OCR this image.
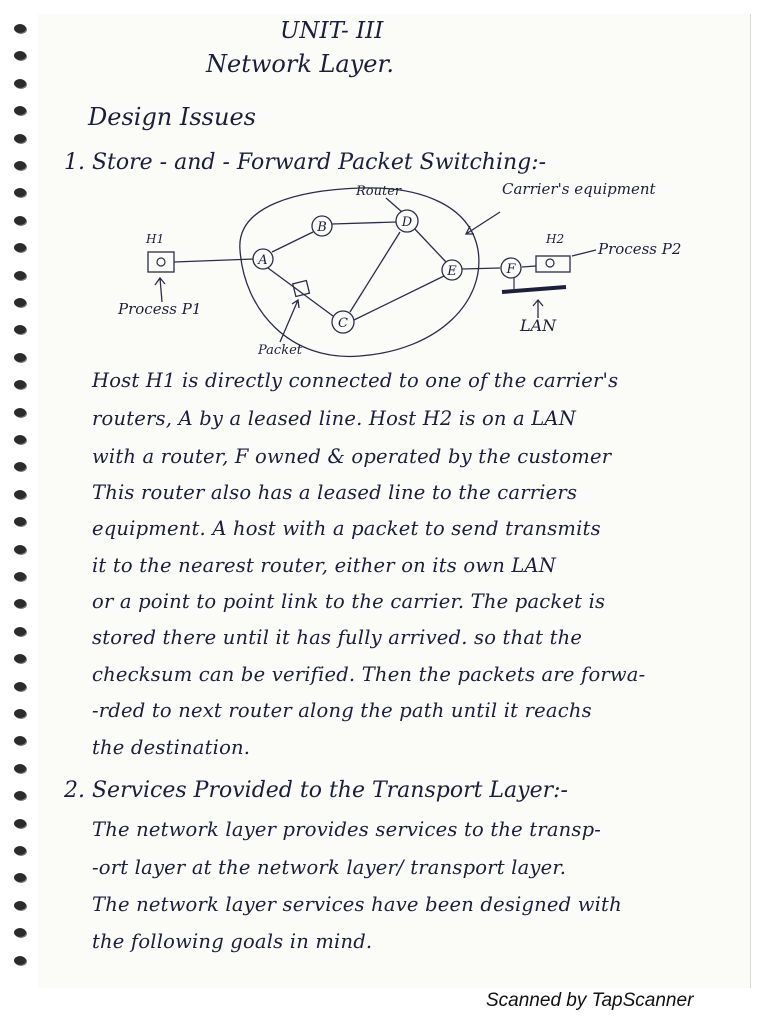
UNIT- III
Network Layer.
Design Issues
1. Store - and - Forward Packet Switching:-
A
B
C
D
E	F
Router	Carrier's equipment
H1	H2
Process P1
Process P2
Packet
LAN
Host H1 is directly connected to one of the carrier's
routers, A by a leased line. Host H2 is on a LAN
with a router, F owned & operated by the customer
This router also has a leased line to the carriers
equipment. A host with a packet to send transmits
it to the nearest router, either on its own LAN
or a point to point link to the carrier. The packet is
stored there until it has fully arrived. so that the
checksum can be verified. Then the packets are forwa-
-rded to next router along the path until it reachs
the destination.
2. Services Provided to the Transport Layer:-
The network layer provides services to the transp-
-ort layer at the network layer/ transport layer.
The network layer services have been designed with
the following goals in mind.
Scanned by TapScanner
